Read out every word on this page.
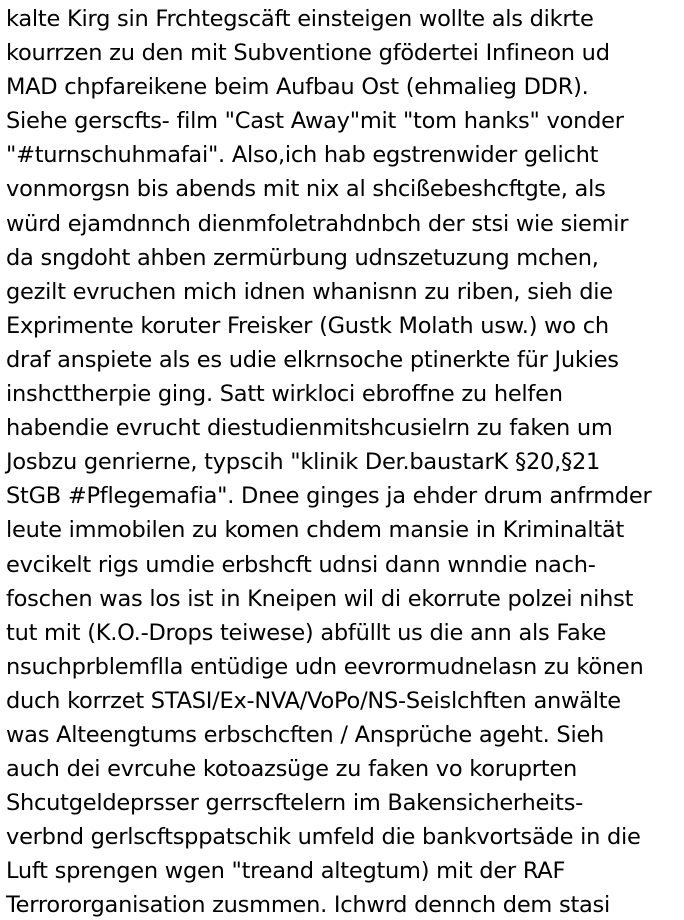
kalte Kirg sin Frchtegscäft einsteigen wollte als dikrte
kourrzen zu den mit Subventione gfödertei Infineon ud
MAD chpfareikene beim Aufbau Ost (ehmalieg DDR).
Siehe gerscfts- film "Cast Away"mit "tom hanks" vonder
"#turnschuhmafai". Also,ich hab egstrenwider gelicht
vonmorgsn bis abends mit nix al shcißebeshcftgte, als
würd ejamdnnch dienmfoletrahdnbch der stsi wie siemir
da sngdoht ahben zermürbung udnszetuzung mchen,
gezilt evruchen mich idnen whanisnn zu riben, sieh die
Exprimente koruter Freisker (Gustk Molath usw.) wo ch
draf anspiete als es udie elkrnsoche ptinerkte für Jukies
inshcttherpie ging. Satt wirkloci ebroffne zu helfen
habendie evrucht diestudienmitshcusielrn zu faken um
Josbzu genrierne, typscih "klinik Der.baustarK §20,§21
StGB #Pflegemafia". Dnee ginges ja ehder drum anfrmder
leute immobilen zu komen chdem mansie in Kriminaltät
evcikelt rigs umdie erbshcft udnsi dann wnndie nach-
foschen was los ist in Kneipen wil di ekorrute polzei nihst
tut mit (K.O.-Drops teiwese) abfüllt us die ann als Fake
nsuchprblemflla entüdige udn eevrormudnelasn zu könen
duch korrzet STASI/Ex-NVA/VoPo/NS-Seislchften anwälte
was Alteengtums erbschcften / Ansprüche ageht. Sieh
auch dei evrcuhe kotoazsüge zu faken vo koruprten
Shcutgeldeprsser gerrscftelern im Bakensicherheits-
verbnd gerlscftsppatschik umfeld die bankvortsäde in die
Luft sprengen wgen "treand altegtum) mit der RAF
Terrororganisation zusmmen. Ichwrd dennch dem stasi
